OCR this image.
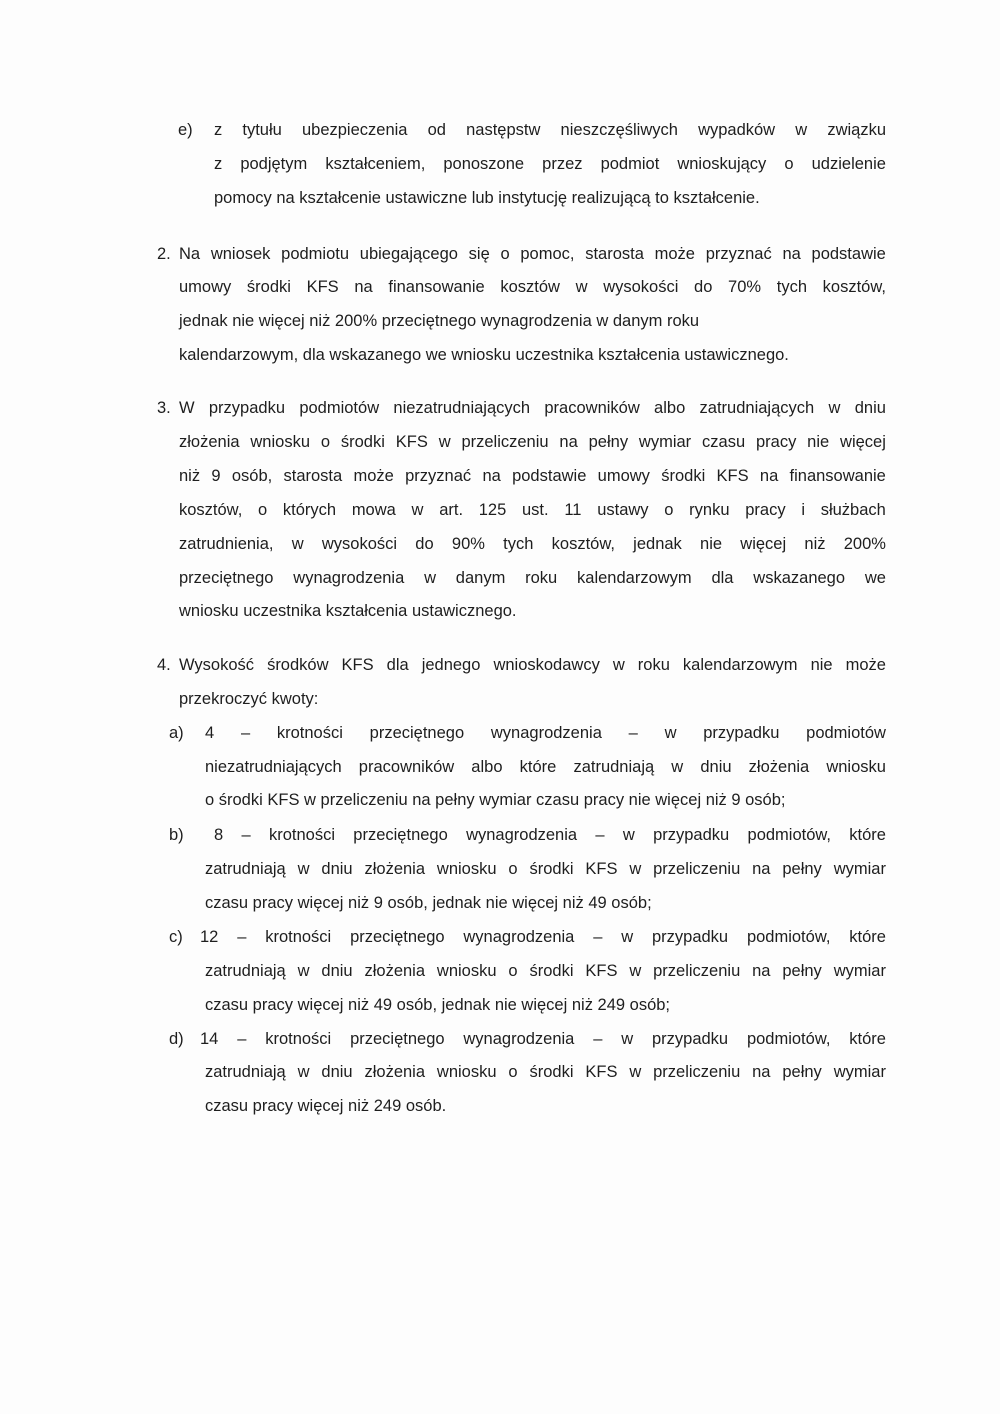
e) z tytułu ubezpieczenia od następstw nieszczęśliwych wypadków w związku
z podjętym kształceniem, ponoszone przez podmiot wnioskujący o udzielenie
pomocy na kształcenie ustawiczne lub instytucję realizującą to kształcenie.
2. Na wniosek podmiotu ubiegającego się o pomoc, starosta może przyznać na podstawie
umowy środki KFS na finansowanie kosztów w wysokości do 70% tych kosztów,
jednak nie więcej niż 200% przeciętnego wynagrodzenia w danym roku
kalendarzowym, dla wskazanego we wniosku uczestnika kształcenia ustawicznego.
3. W przypadku podmiotów niezatrudniających pracowników albo zatrudniających w dniu
złożenia wniosku o środki KFS w przeliczeniu na pełny wymiar czasu pracy nie więcej
niż 9 osób, starosta może przyznać na podstawie umowy środki KFS na finansowanie
kosztów, o których mowa w art. 125 ust. 11 ustawy o rynku pracy i służbach
zatrudnienia, w wysokości do 90% tych kosztów, jednak nie więcej niż 200%
przeciętnego wynagrodzenia w danym roku kalendarzowym dla wskazanego we
wniosku uczestnika kształcenia ustawicznego.
4. Wysokość środków KFS dla jednego wnioskodawcy w roku kalendarzowym nie może
przekroczyć kwoty:
a) 4 – krotności przeciętnego wynagrodzenia – w przypadku podmiotów
niezatrudniających pracowników albo które zatrudniają w dniu złożenia wniosku
o środki KFS w przeliczeniu na pełny wymiar czasu pracy nie więcej niż 9 osób;
b) 8 – krotności przeciętnego wynagrodzenia – w przypadku podmiotów, które
zatrudniają w dniu złożenia wniosku o środki KFS w przeliczeniu na pełny wymiar
czasu pracy więcej niż 9 osób, jednak nie więcej niż 49 osób;
c) 12 – krotności przeciętnego wynagrodzenia – w przypadku podmiotów, które
zatrudniają w dniu złożenia wniosku o środki KFS w przeliczeniu na pełny wymiar
czasu pracy więcej niż 49 osób, jednak nie więcej niż 249 osób;
d) 14 – krotności przeciętnego wynagrodzenia – w przypadku podmiotów, które
zatrudniają w dniu złożenia wniosku o środki KFS w przeliczeniu na pełny wymiar
czasu pracy więcej niż 249 osób.
